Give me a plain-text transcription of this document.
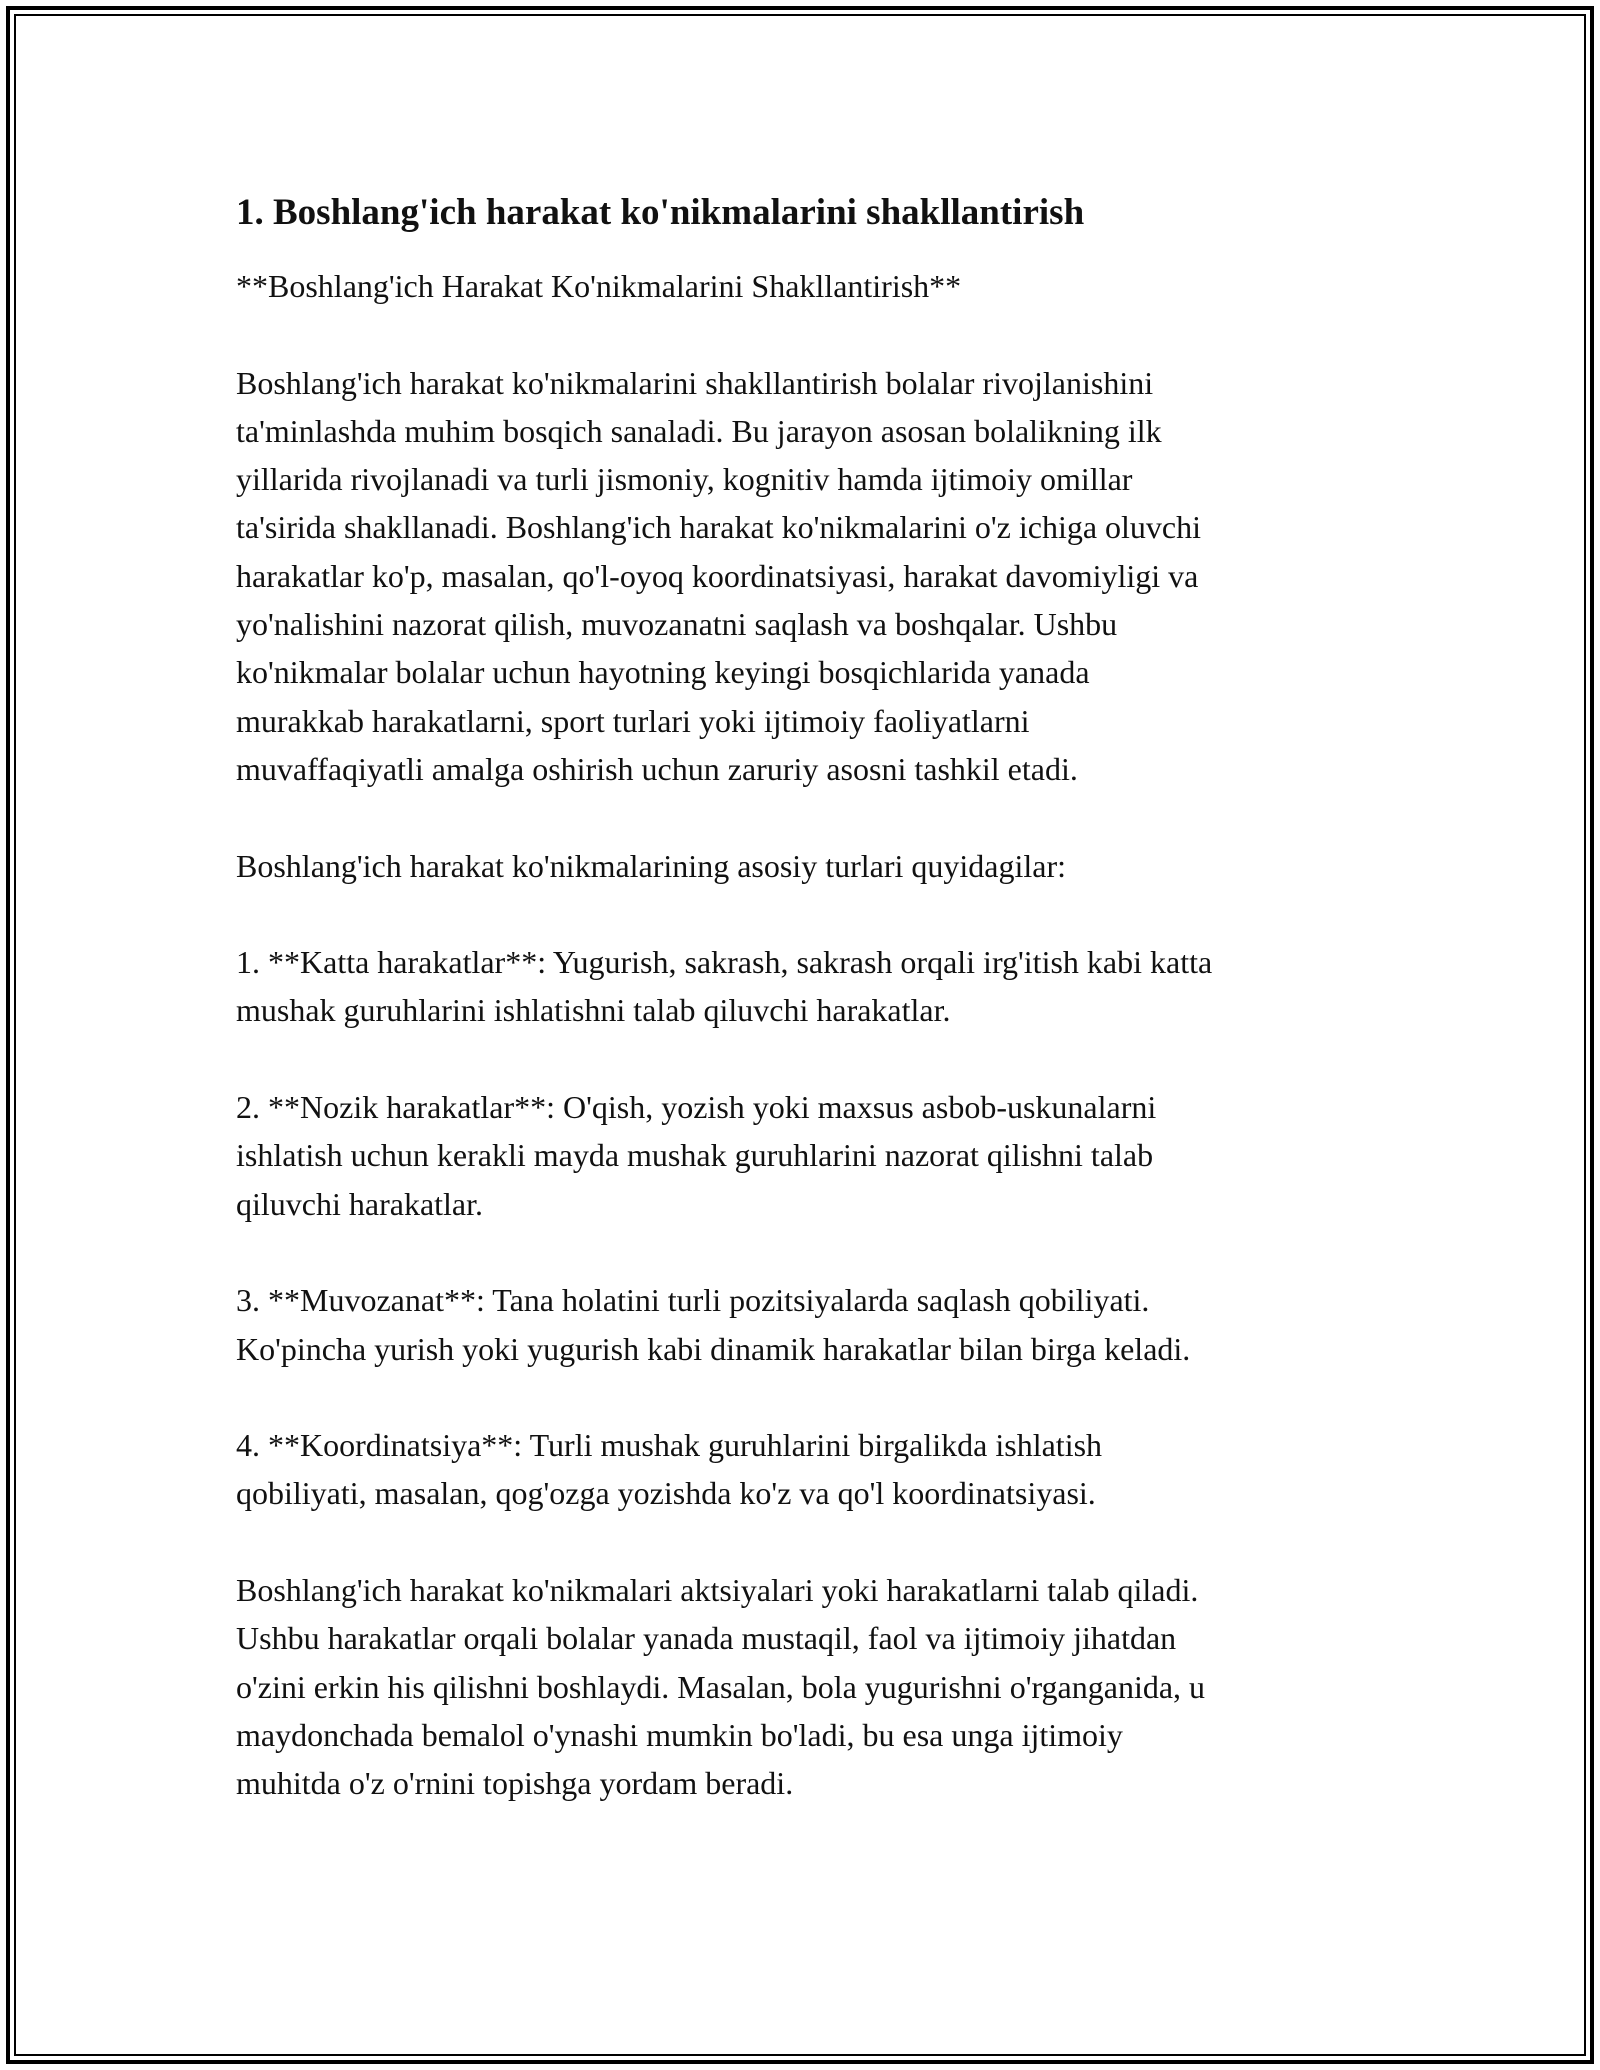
1. Boshlang'ich harakat ko'nikmalarini shakllantirish

**Boshlang'ich Harakat Ko'nikmalarini Shakllantirish**

Boshlang'ich harakat ko'nikmalarini shakllantirish bolalar rivojlanishini
ta'minlashda muhim bosqich sanaladi. Bu jarayon asosan bolalikning ilk
yillarida rivojlanadi va turli jismoniy, kognitiv hamda ijtimoiy omillar
ta'sirida shakllanadi. Boshlang'ich harakat ko'nikmalarini o'z ichiga oluvchi
harakatlar ko'p, masalan, qo'l-oyoq koordinatsiyasi, harakat davomiyligi va
yo'nalishini nazorat qilish, muvozanatni saqlash va boshqalar. Ushbu
ko'nikmalar bolalar uchun hayotning keyingi bosqichlarida yanada
murakkab harakatlarni, sport turlari yoki ijtimoiy faoliyatlarni
muvaffaqiyatli amalga oshirish uchun zaruriy asosni tashkil etadi.

Boshlang'ich harakat ko'nikmalarining asosiy turlari quyidagilar:

1. **Katta harakatlar**: Yugurish, sakrash, sakrash orqali irg'itish kabi katta
mushak guruhlarini ishlatishni talab qiluvchi harakatlar.

2. **Nozik harakatlar**: O'qish, yozish yoki maxsus asbob-uskunalarni
ishlatish uchun kerakli mayda mushak guruhlarini nazorat qilishni talab
qiluvchi harakatlar.

3. **Muvozanat**: Tana holatini turli pozitsiyalarda saqlash qobiliyati.
Ko'pincha yurish yoki yugurish kabi dinamik harakatlar bilan birga keladi.

4. **Koordinatsiya**: Turli mushak guruhlarini birgalikda ishlatish
qobiliyati, masalan, qog'ozga yozishda ko'z va qo'l koordinatsiyasi.

Boshlang'ich harakat ko'nikmalari aktsiyalari yoki harakatlarni talab qiladi.
Ushbu harakatlar orqali bolalar yanada mustaqil, faol va ijtimoiy jihatdan
o'zini erkin his qilishni boshlaydi. Masalan, bola yugurishni o'rganganida, u
maydonchada bemalol o'ynashi mumkin bo'ladi, bu esa unga ijtimoiy
muhitda o'z o'rnini topishga yordam beradi.
